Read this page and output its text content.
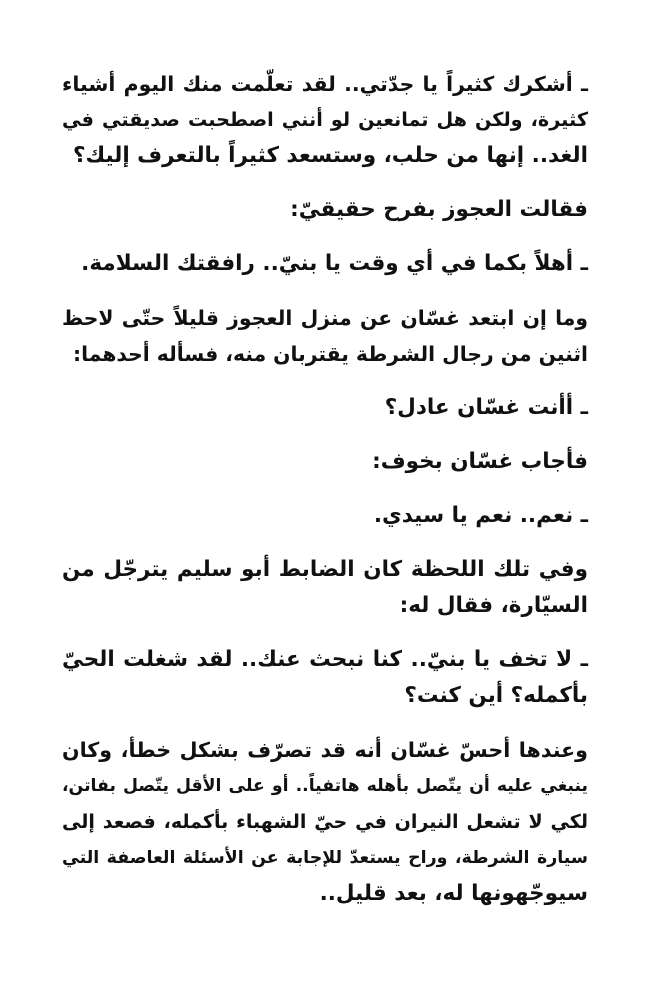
ـ أشكرك كثيراً يا جدّتي.. لقد تعلّمت منك اليوم أشياء
كثيرة، ولكن هل تمانعين لو أنني اصطحبت صديقتي في
الغد.. إنها من حلب، وستسعد كثيراً بالتعرف إليك؟

فقالت العجوز بفرح حقيقيّ:

ـ أهلاً بكما في أي وقت يا بنيّ.. رافقتك السلامة.

وما إن ابتعد غسّان عن منزل العجوز قليلاً حتّى لاحظ
اثنين من رجال الشرطة يقتربان منه، فسأله أحدهما:

ـ أأنت غسّان عادل؟

فأجاب غسّان بخوف:

ـ نعم.. نعم يا سيدي.

وفي تلك اللحظة كان الضابط أبو سليم يترجّل من
السيّارة، فقال له:

ـ لا تخف يا بنيّ.. كنا نبحث عنك.. لقد شغلت الحيّ
بأكمله؟ أين كنت؟

وعندها أحسّ غسّان أنه قد تصرّف بشكل خطأ، وكان
ينبغي عليه أن يتّصل بأهله هاتفياً.. أو على الأقل يتّصل بفاتن،
لكي لا تشعل النيران في حيّ الشهباء بأكمله، فصعد إلى
سيارة الشرطة، وراح يستعدّ للإجابة عن الأسئلة العاصفة التي
سيوجّهونها له، بعد قليل..
